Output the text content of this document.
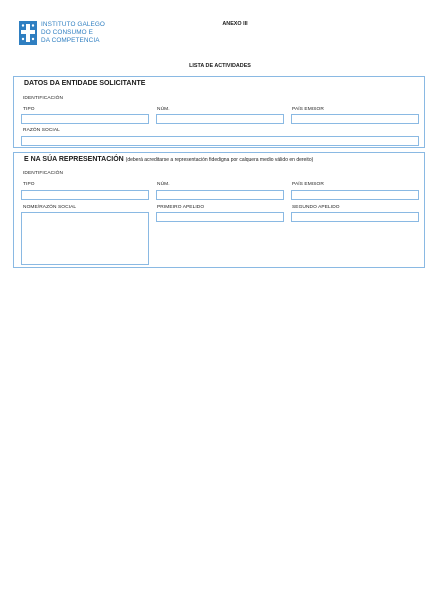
INSTITUTO GALEGO
DO CONSUMO E
DA COMPETENCIA
ANEXO III
LISTA DE ACTIVIDADES
DATOS DA ENTIDADE SOLICITANTE
IDENTIFICACIÓN
TIPO	NÚM.	PAÍS EMISOR
RAZÓN SOCIAL
E NA SÚA REPRESENTACIÓN (deberá acreditarse a representación fidedigna por calquera medio válido en dereito)
IDENTIFICACIÓN
TIPO	NÚM.	PAÍS EMISOR
NOME/RAZÓN SOCIAL	PRIMEIRO APELIDO	SEGUNDO APELIDO
